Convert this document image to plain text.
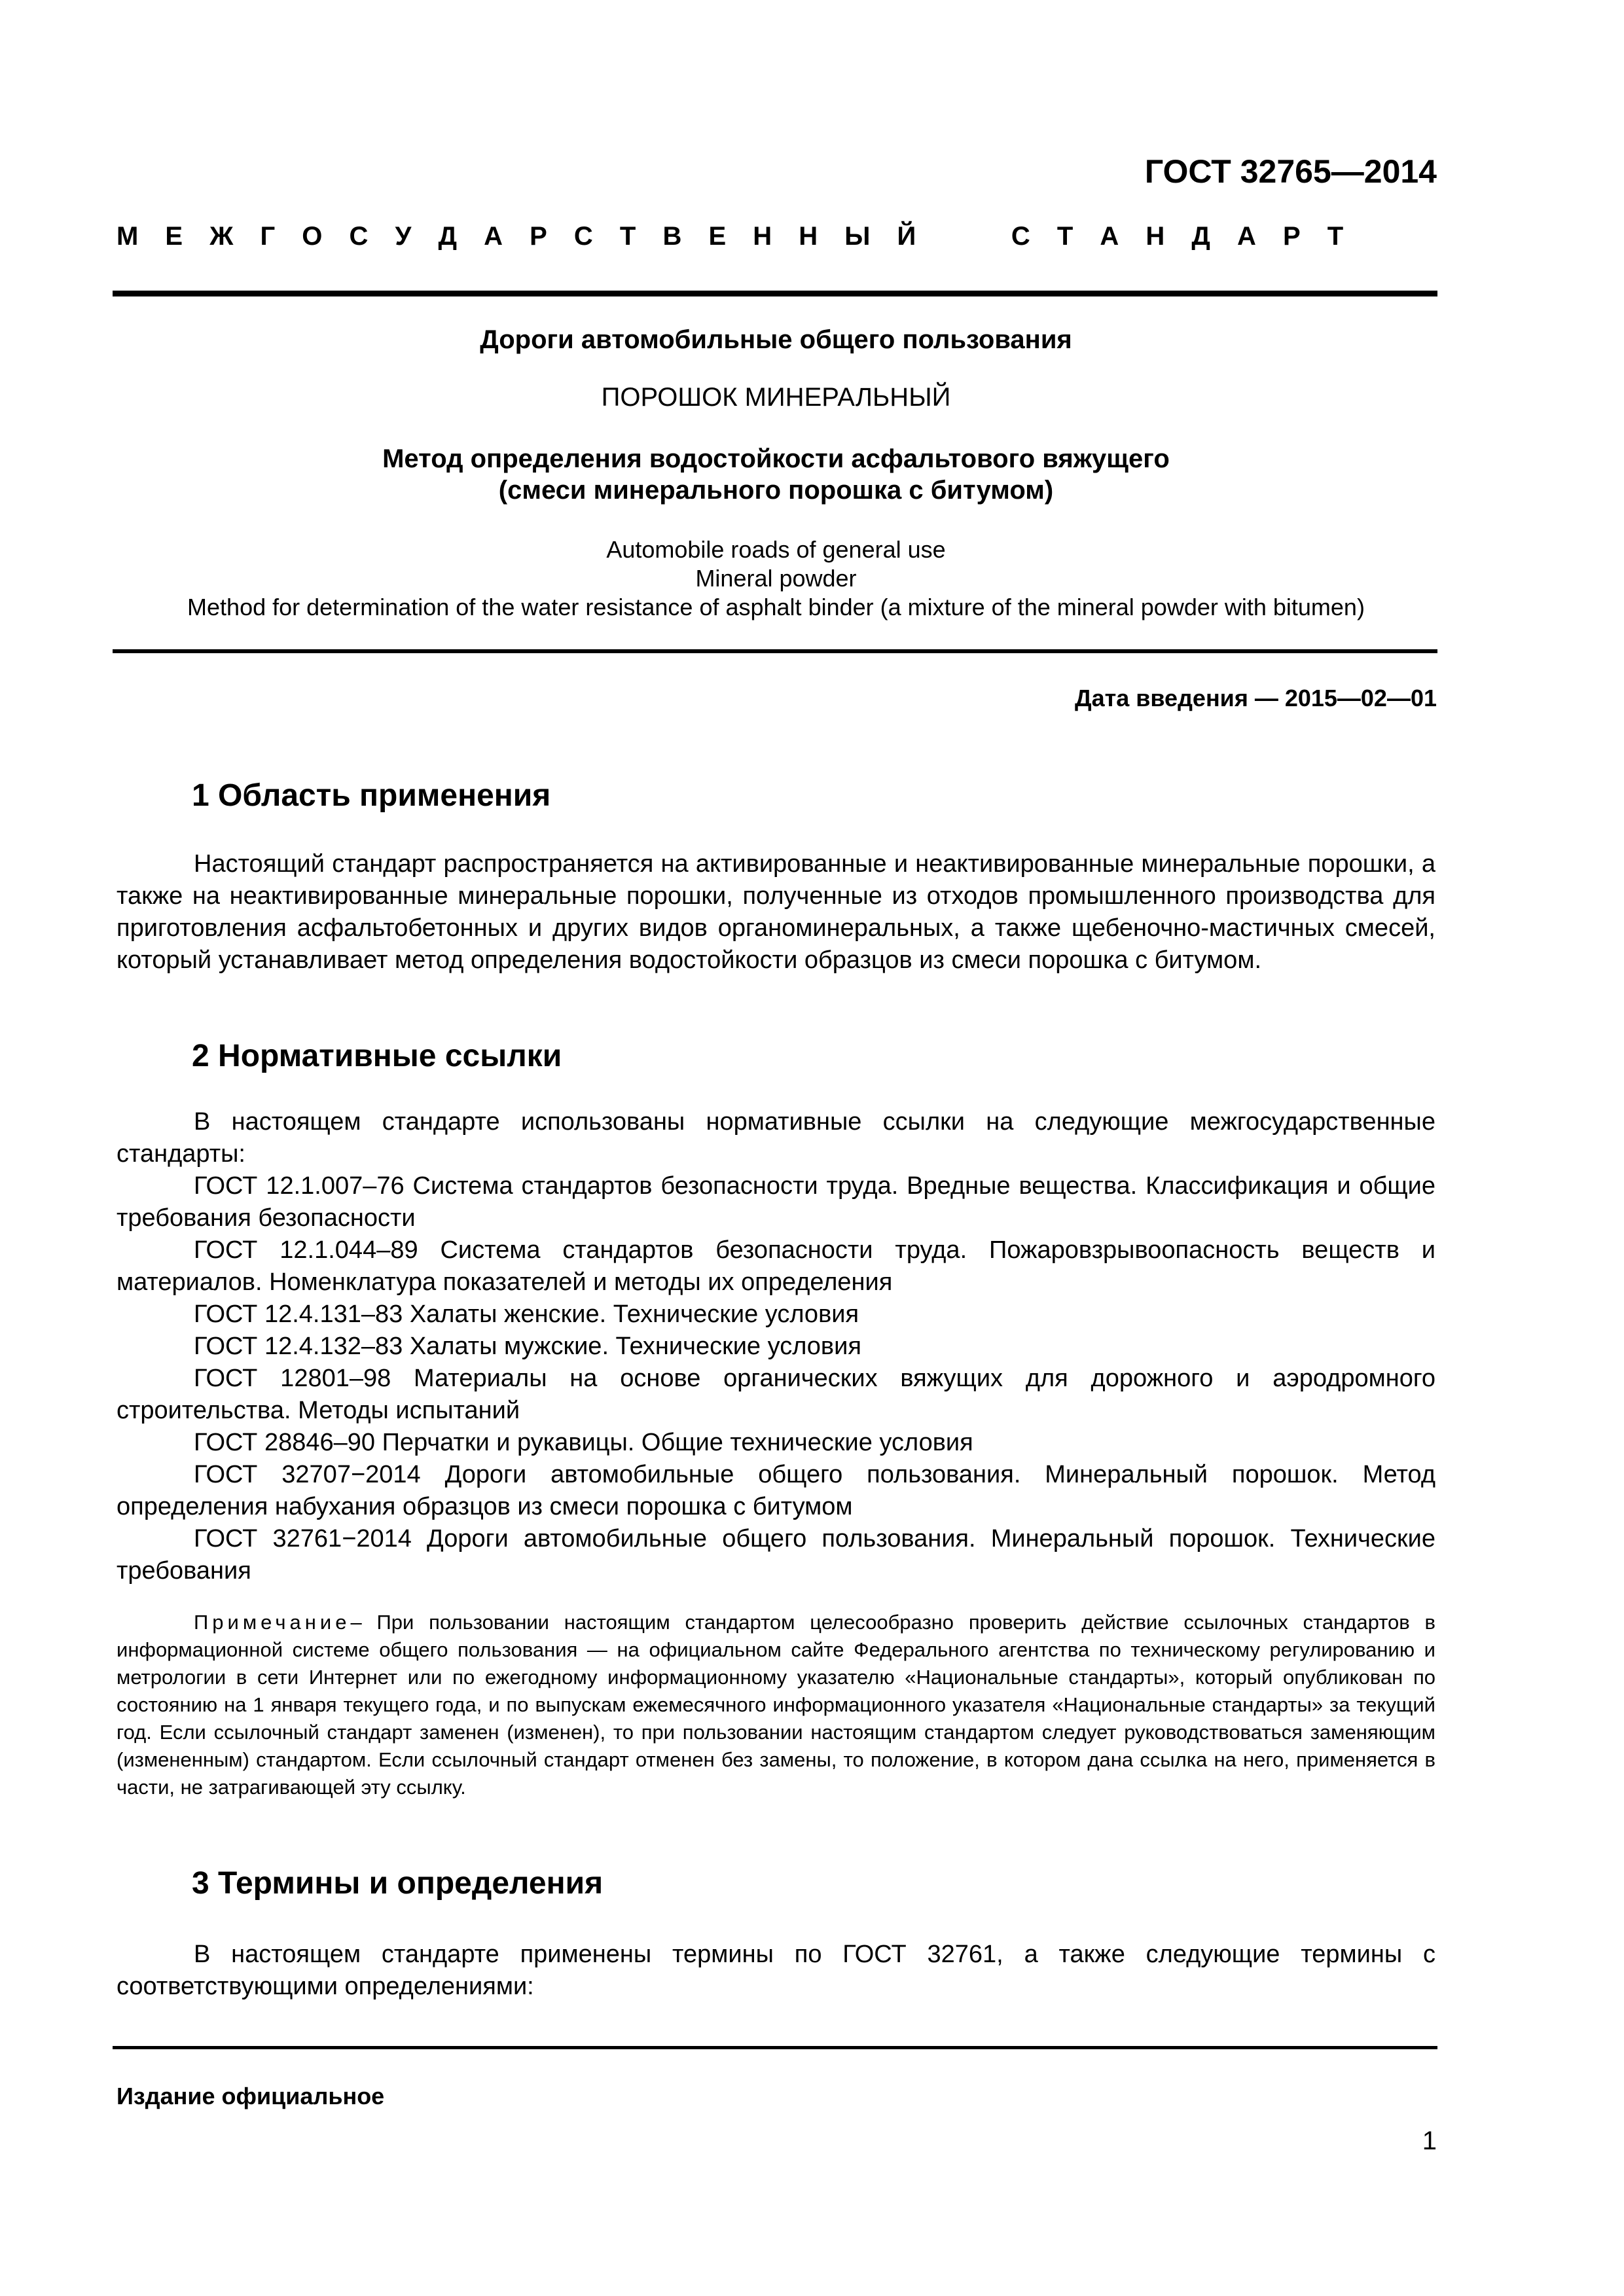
ГОСТ 32765—2014
М Е Ж Г О С У Д А Р С Т В Е Н Н Ы Й     С Т А Н Д А Р Т
Дороги автомобильные общего пользования
ПОРОШОК МИНЕРАЛЬНЫЙ
Метод определения водостойкости асфальтового вяжущего
(смеси минерального порошка с битумом)
Automobile roads of general use
Mineral powder
Method for determination of the water resistance of asphalt binder (a mixture of the mineral powder with bitumen)
Дата введения — 2015—02—01
1 Область применения
Настоящий стандарт распространяется на активированные и неактивированные минеральные порошки, а также на неактивированные минеральные порошки, полученные из отходов промышленного производства для приготовления асфальтобетонных и других видов органоминеральных, а также щебеночно-мастичных смесей, который устанавливает метод определения водостойкости образцов из смеси порошка с битумом.
2 Нормативные ссылки
В настоящем стандарте использованы нормативные ссылки на следующие межгосударственные стандарты:
ГОСТ 12.1.007–76 Система стандартов безопасности труда. Вредные вещества. Классификация и общие требования безопасности
ГОСТ 12.1.044–89 Система стандартов безопасности труда. Пожаровзрывоопасность веществ и материалов. Номенклатура показателей и методы их определения
ГОСТ 12.4.131–83 Халаты женские. Технические условия
ГОСТ 12.4.132–83 Халаты мужские. Технические условия
ГОСТ 12801–98 Материалы на основе органических вяжущих для дорожного и аэродромного строительства. Методы испытаний
ГОСТ 28846–90 Перчатки и рукавицы. Общие технические условия
ГОСТ 32707−2014 Дороги автомобильные общего пользования. Минеральный порошок. Метод определения набухания образцов из смеси порошка с битумом
ГОСТ 32761−2014 Дороги автомобильные общего пользования. Минеральный порошок. Технические требования
Примечание– При пользовании настоящим стандартом целесообразно проверить действие ссылочных стандартов в информационной системе общего пользования — на официальном сайте Федерального агентства по техническому регулированию и метрологии в сети Интернет или по ежегодному информационному указателю «Национальные стандарты», который опубликован по состоянию на 1 января текущего года, и по выпускам ежемесячного информационного указателя «Национальные стандарты» за текущий год. Если ссылочный стандарт заменен (изменен), то при пользовании настоящим стандартом следует руководствоваться заменяющим (измененным) стандартом. Если ссылочный стандарт отменен без замены, то положение, в котором дана ссылка на него, применяется в части, не затрагивающей эту ссылку.
3 Термины и определения
В настоящем стандарте применены термины по ГОСТ 32761, а также следующие термины с соответствующими определениями:
Издание официальное
1
